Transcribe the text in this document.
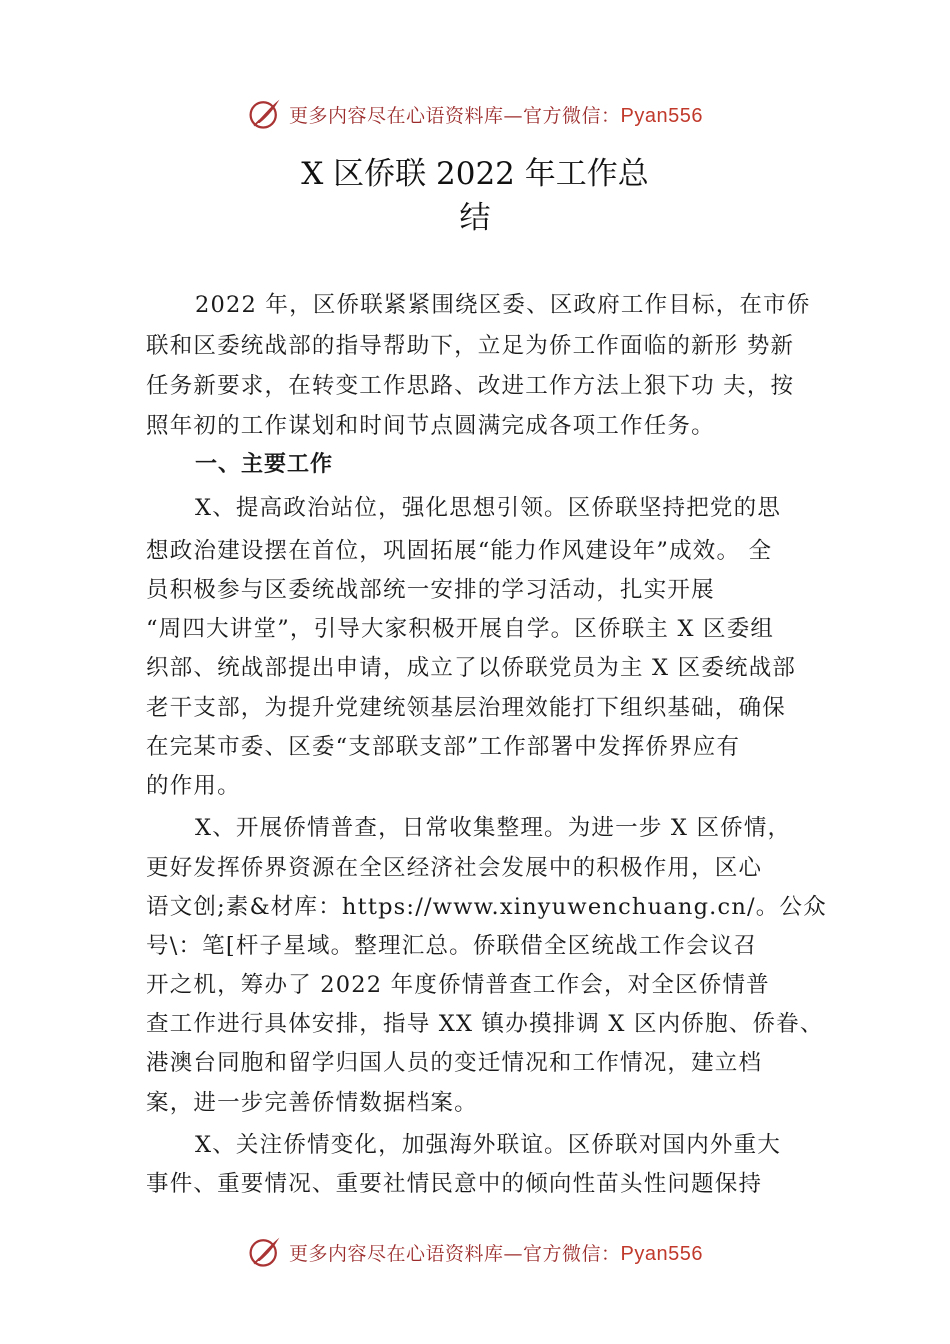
更多内容尽在心语资料库—官方微信：Pyan556
X 区侨联 2022 年工作总
结
2022 年，区侨联紧紧围绕区委、区政府工作目标，在市侨
联和区委统战部的指导帮助下，立足为侨工作面临的新形 势新
任务新要求，在转变工作思路、改进工作方法上狠下功 夫，按
照年初的工作谋划和时间节点圆满完成各项工作任务。
一、主要工作
X、提高政治站位，强化思想引领。区侨联坚持把党的思
想政治建设摆在首位，巩固拓展“能力作风建设年”成效。 全
员积极参与区委统战部统一安排的学习活动，扎实开展
“周四大讲堂”，引导大家积极开展自学。区侨联主 X 区委组
织部、统战部提出申请，成立了以侨联党员为主 X 区委统战部
老干支部，为提升党建统领基层治理效能打下组织基础，确保
在完某市委、区委“支部联支部”工作部署中发挥侨界应有
的作用。
X、开展侨情普查，日常收集整理。为进一步 X 区侨情，
更好发挥侨界资源在全区经济社会发展中的积极作用，区心
语文创;素&材库：https://www.xinyuwenchuang.cn/。公众
号\：笔[杆子星域。整理汇总。侨联借全区统战工作会议召
开之机，筹办了 2022 年度侨情普查工作会，对全区侨情普
查工作进行具体安排，指导 XX 镇办摸排调 X 区内侨胞、侨眷、
港澳台同胞和留学归国人员的变迁情况和工作情况，建立档
案，进一步完善侨情数据档案。
X、关注侨情变化，加强海外联谊。区侨联对国内外重大
事件、重要情况、重要社情民意中的倾向性苗头性问题保持
更多内容尽在心语资料库—官方微信：Pyan556
